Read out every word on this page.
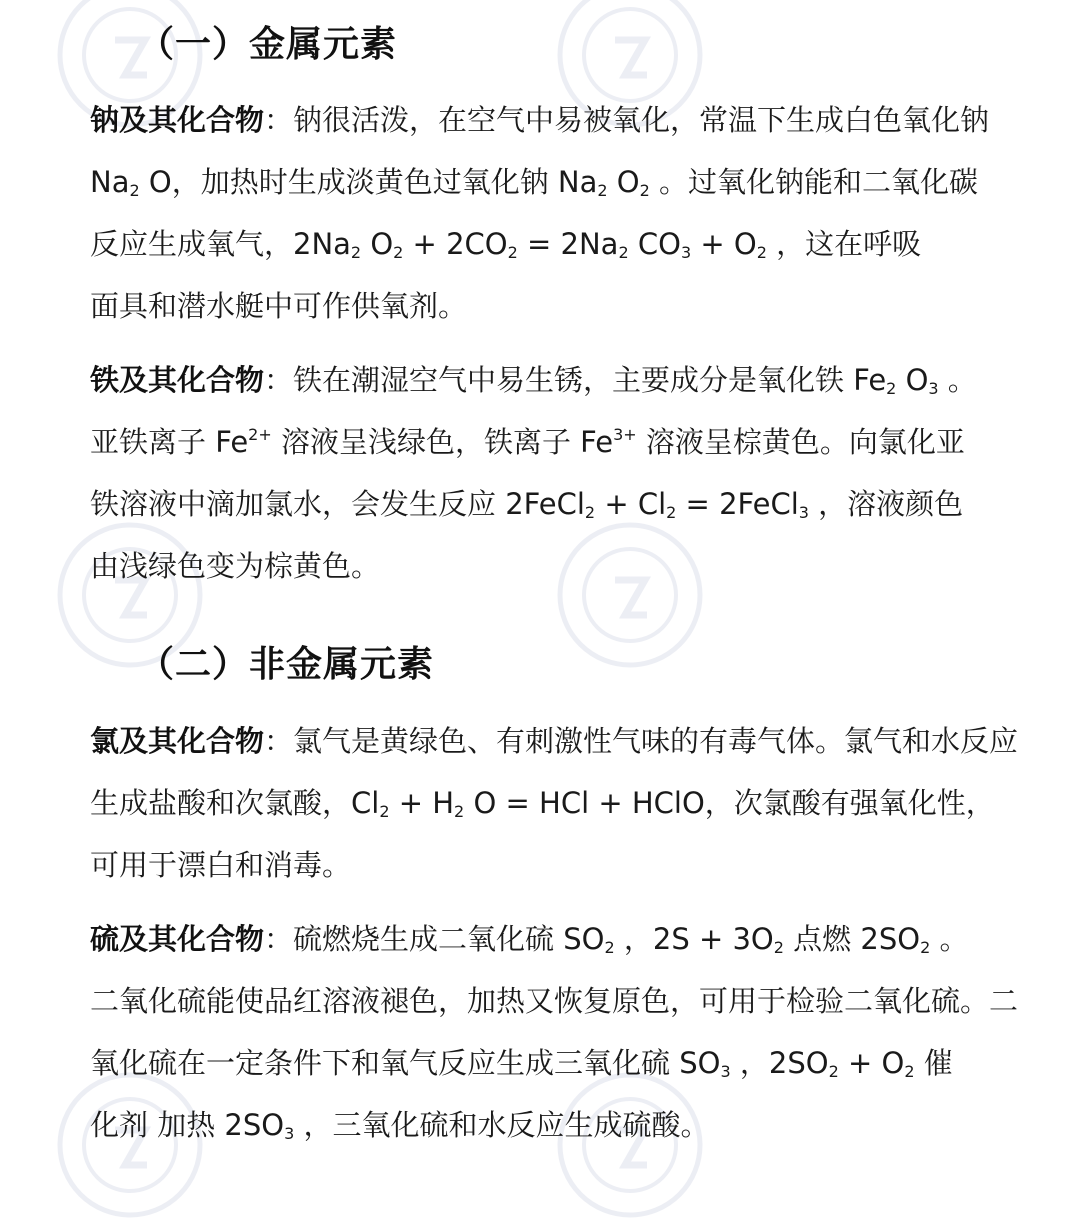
（一）金属元素
钠及其化合物：钠很活泼，在空气中易被氧化，常温下生成白色氧化钠
$Na_2$ O，加热时生成淡黄色过氧化钠 $Na_2$ $O_2$ 。过氧化钠能和二氧化碳
反应生成氧气，$2Na_2$ $O_2 + 2CO_2 = 2Na_2$ $CO_3 + O_2$ ，这在呼吸
面具和潜水艇中可作供氧剂。
铁及其化合物：铁在潮湿空气中易生锈，主要成分是氧化铁 $Fe_2$ $O_3$ 。
亚铁离子 $Fe^{2+}$ 溶液呈浅绿色，铁离子 $Fe^{3+}$ 溶液呈棕黄色。向氯化亚
铁溶液中滴加氯水，会发生反应 2FeCl$_2$ + $Cl_2$ = 2FeCl$_3$ ，溶液颜色
由浅绿色变为棕黄色。
（二）非金属元素
氯及其化合物：氯气是黄绿色、有刺激性气味的有毒气体。氯气和水反应
生成盐酸和次氯酸，$Cl_2 + H_2$ O = HCl + HClO，次氯酸有强氧化性，
可用于漂白和消毒。
硫及其化合物：硫燃烧生成二氧化硫 $SO_2$ ，$2S + 3O_2$ 点燃 $2SO_2$ 。
二氧化硫能使品红溶液褪色，加热又恢复原色，可用于检验二氧化硫。二
氧化硫在一定条件下和氧气反应生成三氧化硫 $SO_3$ ，$2SO_2 + O_2$ 催
化剂 加热 $2SO_3$ ，三氧化硫和水反应生成硫酸。
